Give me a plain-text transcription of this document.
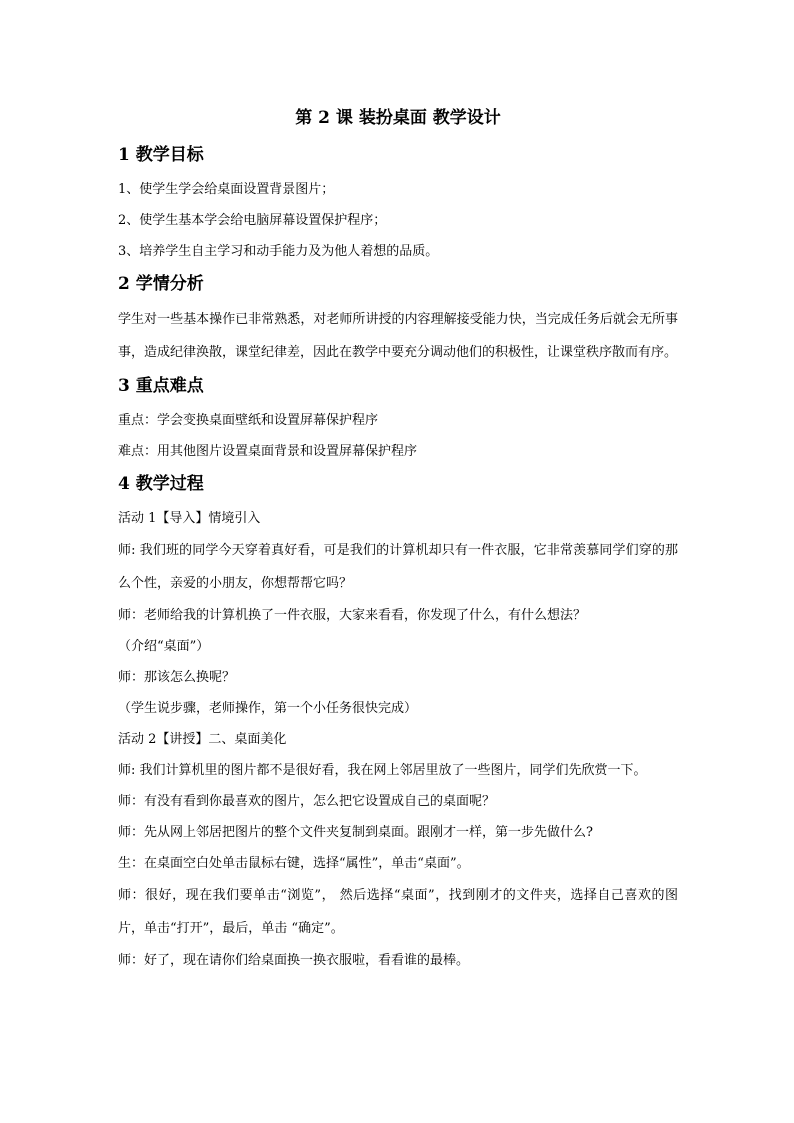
第 2 课 装扮桌面 教学设计
1 教学目标
1、使学生学会给桌面设置背景图片；
2、使学生基本学会给电脑屏幕设置保护程序；
3、培养学生自主学习和动手能力及为他人着想的品质。
2 学情分析
学生对一些基本操作已非常熟悉，对老师所讲授的内容理解接受能力快，当完成任务后就会无所事事，造成纪律涣散，课堂纪律差，因此在教学中要充分调动他们的积极性，让课堂秩序散而有序。
3 重点难点
重点：学会变换桌面壁纸和设置屏幕保护程序
难点：用其他图片设置桌面背景和设置屏幕保护程序
4 教学过程
活动 1【导入】情境引入
师: 我们班的同学今天穿着真好看，可是我们的计算机却只有一件衣服，它非常羡慕同学们穿的那么个性，亲爱的小朋友，你想帮帮它吗？
师：老师给我的计算机换了一件衣服，大家来看看，你发现了什么，有什么想法？
（介绍“桌面”）
师：那该怎么换呢？
（学生说步骤，老师操作，第一个小任务很快完成）
活动 2【讲授】二、桌面美化
师: 我们计算机里的图片都不是很好看，我在网上邻居里放了一些图片，同学们先欣赏一下。
师：有没有看到你最喜欢的图片，怎么把它设置成自己的桌面呢？
师：先从网上邻居把图片的整个文件夹复制到桌面。跟刚才一样，第一步先做什么?
生：在桌面空白处单击鼠标右键，选择“属性”，单击“桌面”。
师：很好，现在我们要单击“浏览”， 然后选择“桌面”，找到刚才的文件夹，选择自己喜欢的图片，单击“打开”，最后，单击 “确定”。
师：好了，现在请你们给桌面换一换衣服啦，看看谁的最棒。
